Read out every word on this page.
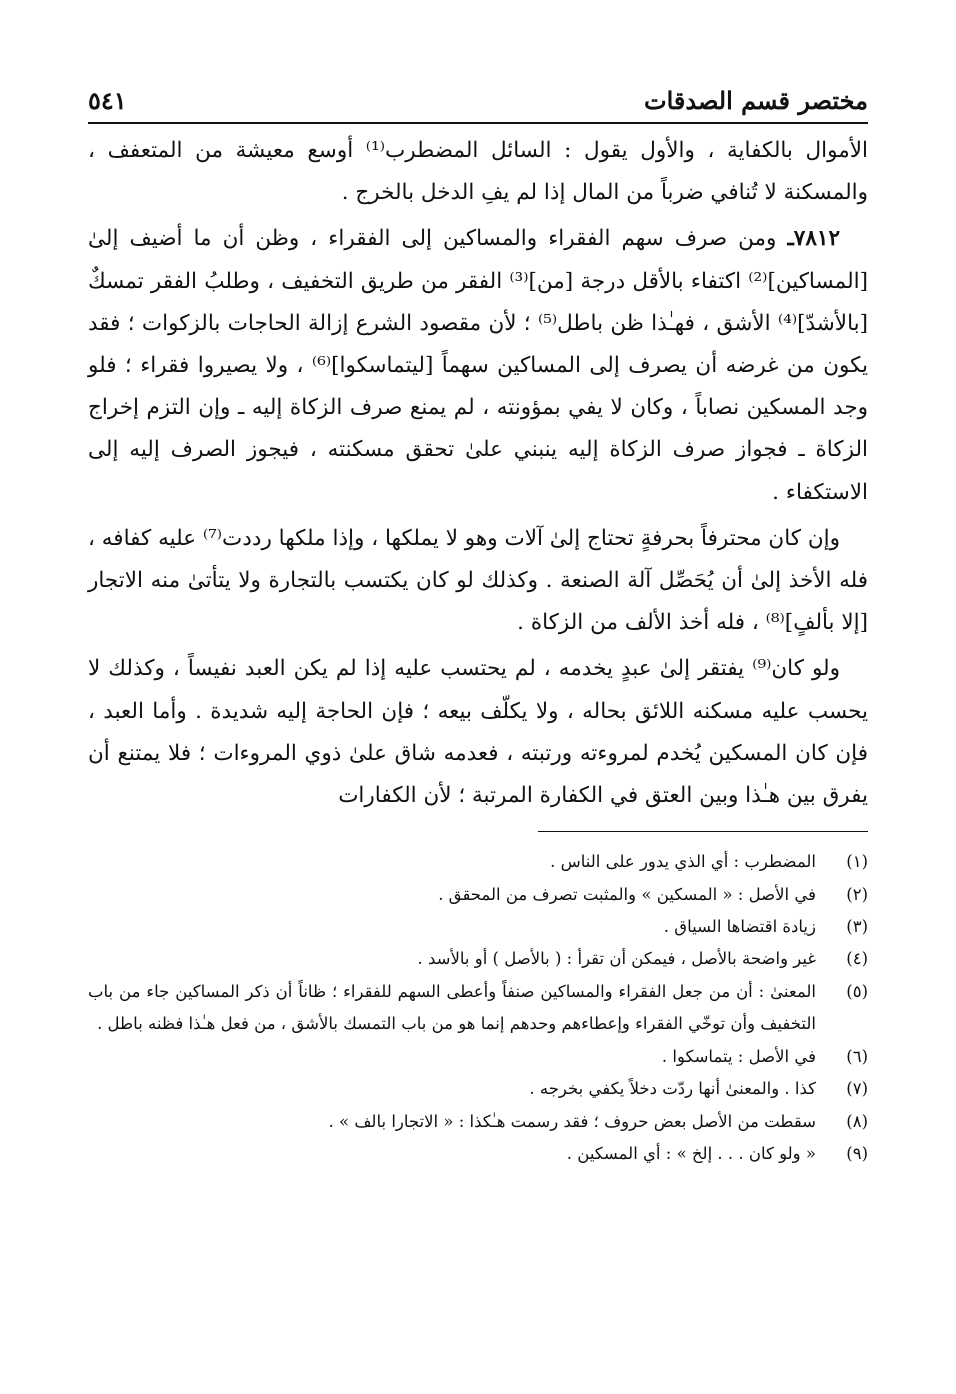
مختصر قسم الصدقات
٥٤١

الأموال بالكفاية ، والأول يقول : السائل المضطرب⁽¹⁾ أوسع معيشة من المتعفف ، والمسكنة لا تُنافي ضرباً من المال إذا لم يفِ الدخل بالخرج .

٧٨١٢ـ ومن صرف سهم الفقراء والمساكين إلى الفقراء ، وظن أن ما أضيف إلىٰ [المساكين]⁽²⁾ اكتفاء بالأقل درجة [من]⁽³⁾ الفقر من طريق التخفيف ، وطلبُ الفقر تمسكٌ [بالأشدّ]⁽⁴⁾ الأشق ، فهـٰذا ظن باطل⁽⁵⁾ ؛ لأن مقصود الشرع إزالة الحاجات بالزكوات ؛ فقد يكون من غرضه أن يصرف إلى المساكين سهماً [ليتماسكوا]⁽⁶⁾ ، ولا يصيروا فقراء ؛ فلو وجد المسكين نصاباً ، وكان لا يفي بمؤونته ، لم يمنع صرف الزكاة إليه ـ وإن التزم إخراج الزكاة ـ فجواز صرف الزكاة إليه ينبني علىٰ تحقق مسكنته ، فيجوز الصرف إليه إلى الاستكفاء .

وإن كان محترفاً بحرفةٍ تحتاج إلىٰ آلات وهو لا يملكها ، وإذا ملكها رددت⁽⁷⁾ عليه كفافه ، فله الأخذ إلىٰ أن يُحَصِّل آلة الصنعة . وكذلك لو كان يكتسب بالتجارة ولا يتأتىٰ منه الاتجار [إلا بألفٍ]⁽⁸⁾ ، فله أخذ الألف من الزكاة .

ولو كان⁽⁹⁾ يفتقر إلىٰ عبدٍ يخدمه ، لم يحتسب عليه إذا لم يكن العبد نفيساً ، وكذلك لا يحسب عليه مسكنه اللائق بحاله ، ولا يكلّف بيعه ؛ فإن الحاجة إليه شديدة . وأما العبد ، فإن كان المسكين يُخدم لمروءته ورتبته ، فعدمه شاق علىٰ ذوي المروءات ؛ فلا يمتنع أن يفرق بين هـٰذا وبين العتق في الكفارة المرتبة ؛ لأن الكفارات

(١)
المضطرب : أي الذي يدور على الناس .
(٢)
في الأصل : « المسكين » والمثبت تصرف من المحقق .
(٣)
زيادة اقتضاها السياق .
(٤)
غير واضحة بالأصل ، فيمكن أن تقرأ : ( بالأصل ) أو بالأسد .
(٥)
المعنىٰ : أن من جعل الفقراء والمساكين صنفاً وأعطى السهم للفقراء ؛ ظاناً أن ذكر المساكين جاء من باب التخفيف وأن توخّي الفقراء وإعطاءهم وحدهم إنما هو من باب التمسك بالأشق ، من فعل هـٰذا فظنه باطل .
(٦)
في الأصل : يتماسكوا .
(٧)
كذا . والمعنىٰ أنها ردّت دخلاً يكفي بخرجه .
(٨)
سقطت من الأصل بعض حروف ؛ فقد رسمت هـٰكذا : « الاتجارا بالف » .
(٩)
« ولو كان . . . إلخ » : أي المسكين .
